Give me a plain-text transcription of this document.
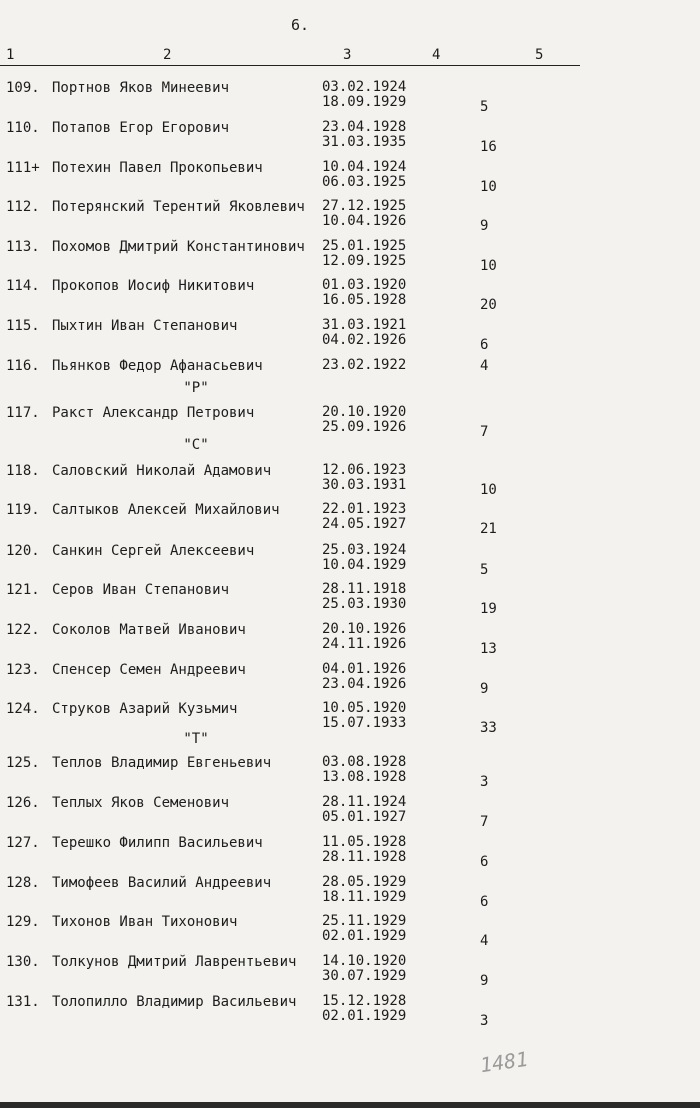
6.
1	2	3	4	5
109. Портнов Яков Минеевич	03.02.1924
18.09.1929	5
110. Потапов Егор Егорович	23.04.1928
31.03.1935	16
111+ Потехин Павел Прокопьевич	10.04.1924
06.03.1925	10
112. Потерянский Терентий Яковлевич 27.12.1925
10.04.1926	9
113. Похомов Дмитрий Константинович 25.01.1925
12.09.1925	10
114. Прокопов Иосиф Никитович	01.03.1920
16.05.1928	20
115. Пыхтин Иван Степанович	31.03.1921
04.02.1926	6
116. Пьянков Федор Афанасьевич	23.02.1922	4
117. Ракст Александр Петрович	20.10.1920
25.09.1926	7
118. Саловский Николай Адамович	12.06.1923
30.03.1931	10
119. Салтыков Алексей Михайлович	22.01.1923
24.05.1927	21
120. Санкин Сергей Алексеевич	25.03.1924
10.04.1929	5
121. Серов Иван Степанович	28.11.1918
25.03.1930	19
122. Соколов Матвей Иванович	20.10.1926
24.11.1926	13
123. Спенсер Семен Андреевич	04.01.1926
23.04.1926	9
124. Струков Азарий Кузьмич	10.05.1920
15.07.1933	33
125. Теплов Владимир Евгеньевич	03.08.1928
13.08.1928	3
126. Теплых Яков Семенович	28.11.1924
05.01.1927	7
127. Терешко Филипп Васильевич	11.05.1928
28.11.1928	6
128. Тимофеев Василий Андреевич	28.05.1929
18.11.1929	6
129. Тихонов Иван Тихонович	25.11.1929
02.01.1929	4
130. Толкунов Дмитрий Лаврентьевич 14.10.1920
30.07.1929	9
131. Толопилло Владимир Васильевич 15.12.1928
02.01.1929	3
"Р"
"С"
"Т"
1481
